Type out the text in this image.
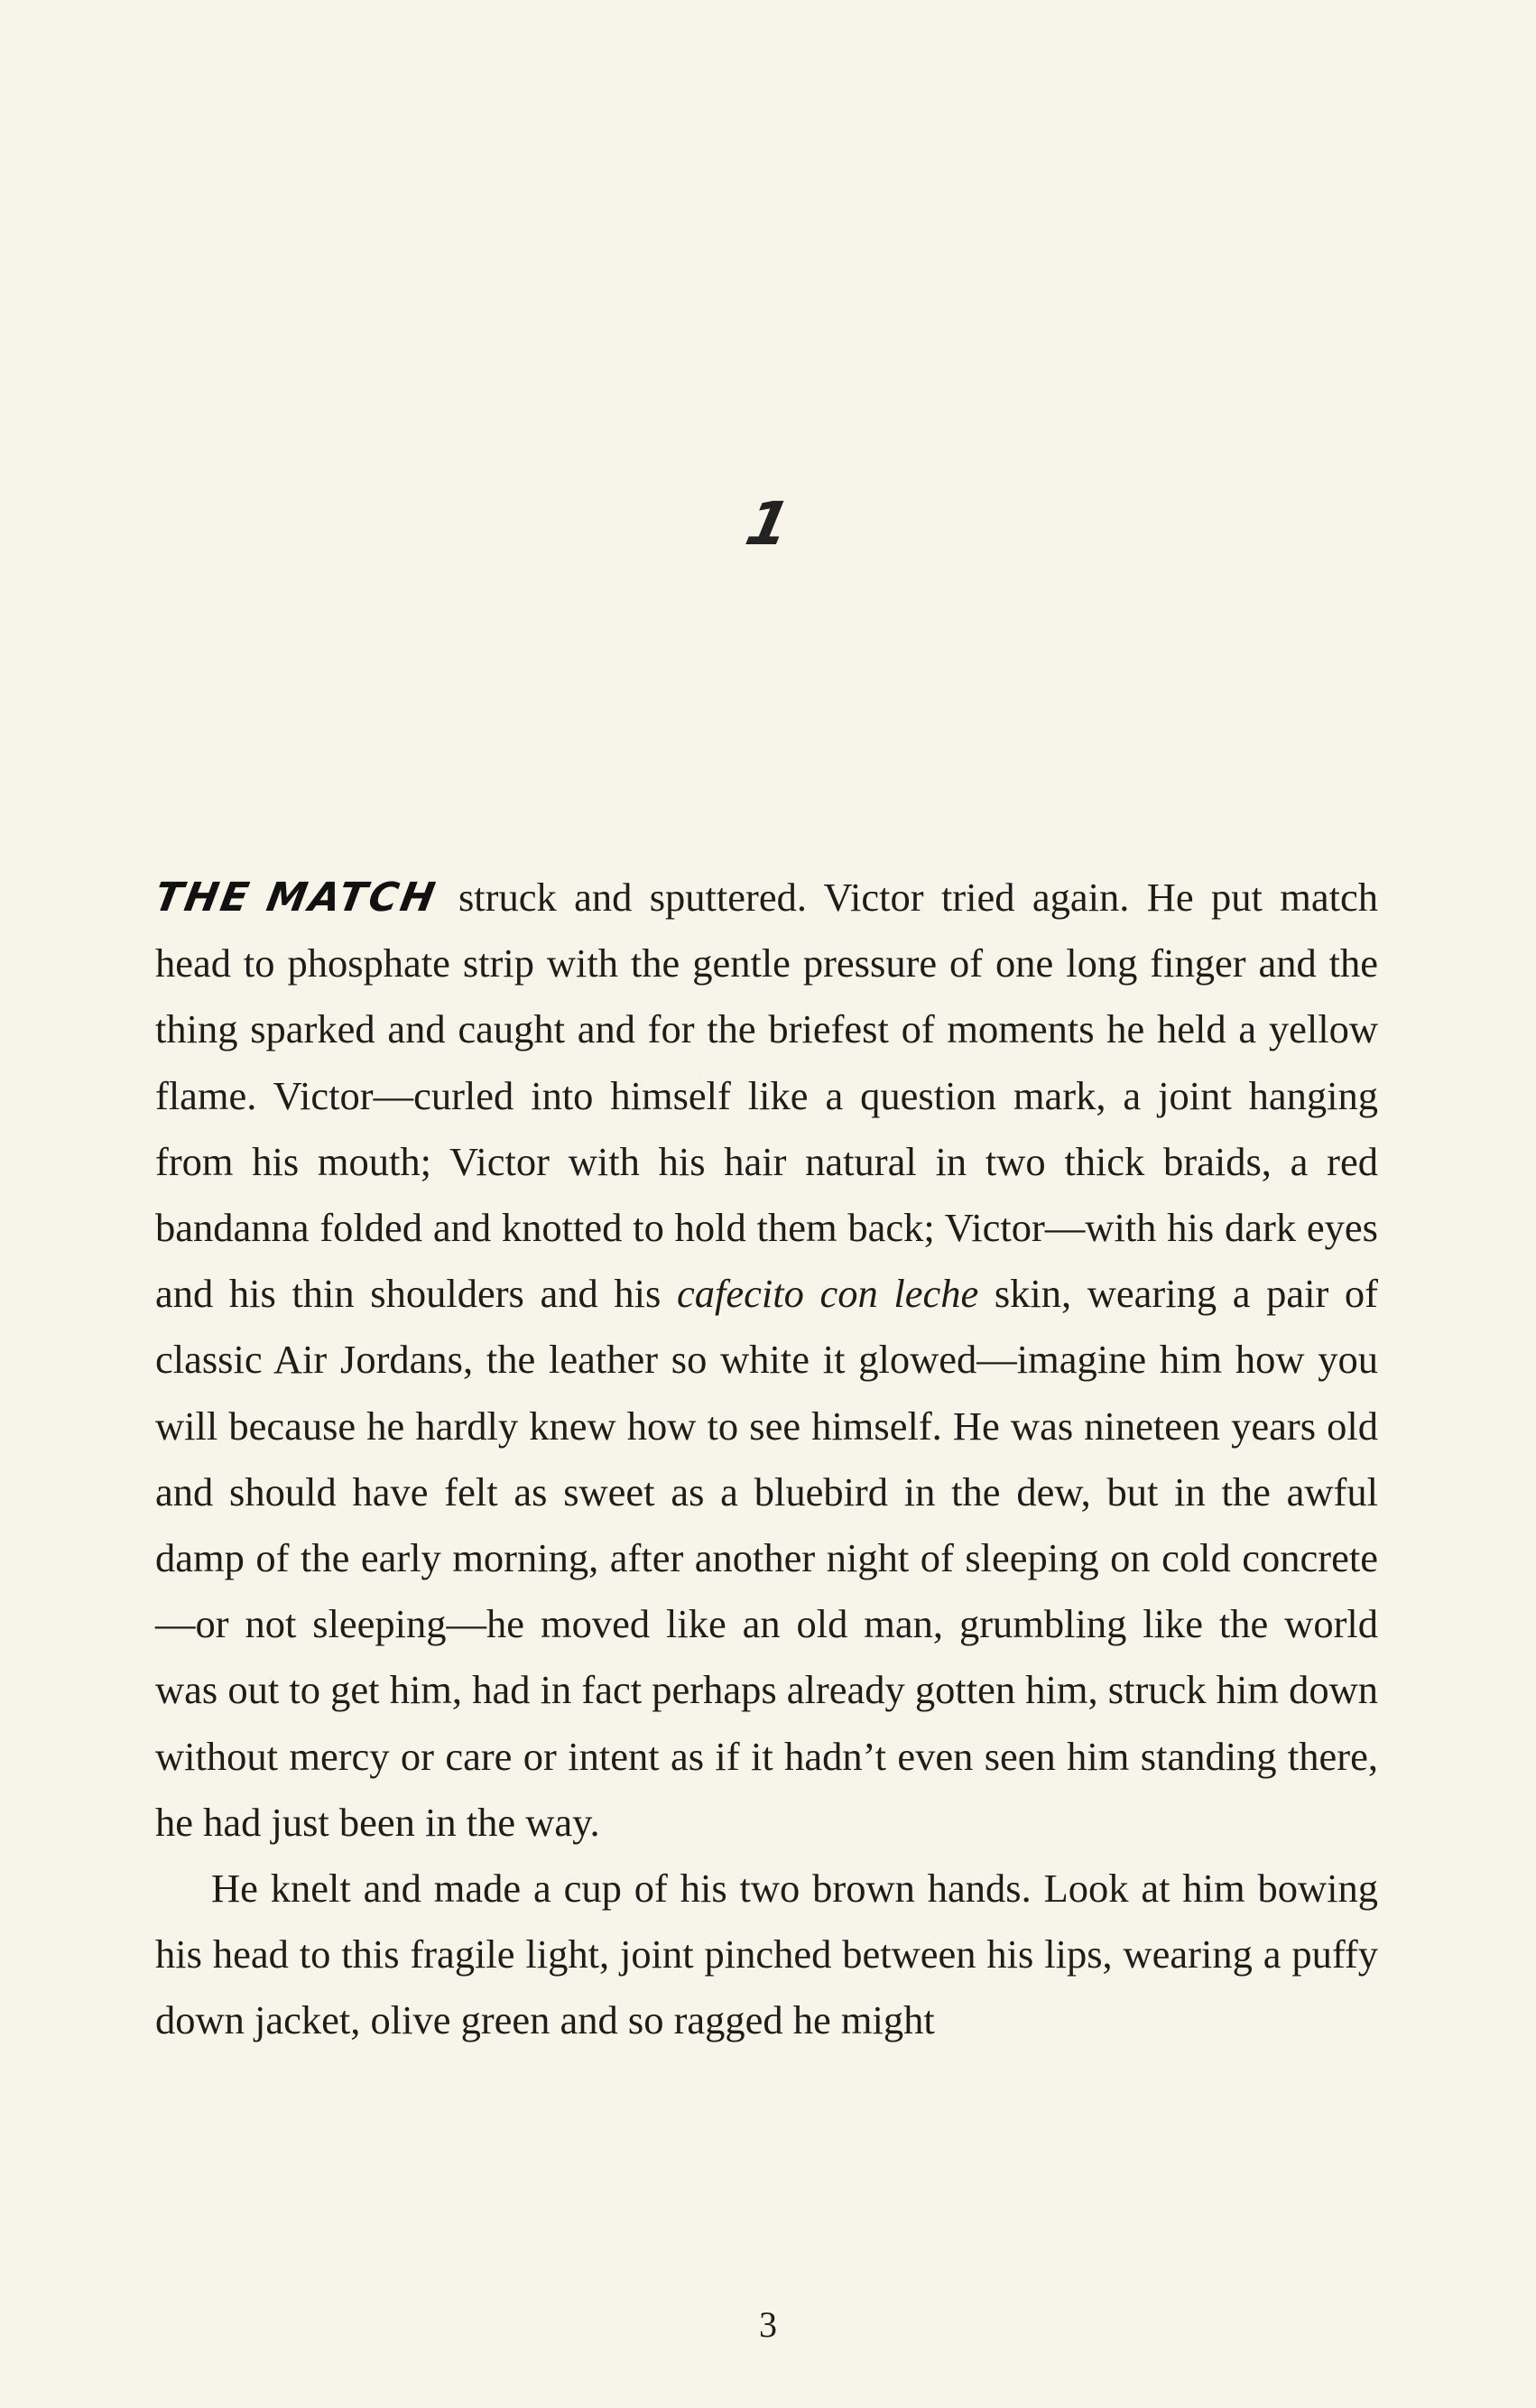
1

THE MATCH struck and sputtered. Victor tried again. He put match head to phosphate strip with the gentle pressure of one long finger and the thing sparked and caught and for the briefest of moments he held a yellow flame. Victor—curled into himself like a question mark, a joint hanging from his mouth; Victor with his hair natural in two thick braids, a red bandanna folded and knotted to hold them back; Victor—with his dark eyes and his thin shoulders and his cafecito con leche skin, wearing a pair of classic Air Jordans, the leather so white it glowed—imagine him how you will because he hardly knew how to see himself. He was nineteen years old and should have felt as sweet as a bluebird in the dew, but in the awful damp of the early morning, after another night of sleeping on cold concrete—or not sleeping—he moved like an old man, grumbling like the world was out to get him, had in fact perhaps already gotten him, struck him down without mercy or care or intent as if it hadn’t even seen him standing there, he had just been in the way.

He knelt and made a cup of his two brown hands. Look at him bowing his head to this fragile light, joint pinched between his lips, wearing a puffy down jacket, olive green and so ragged he might

3
